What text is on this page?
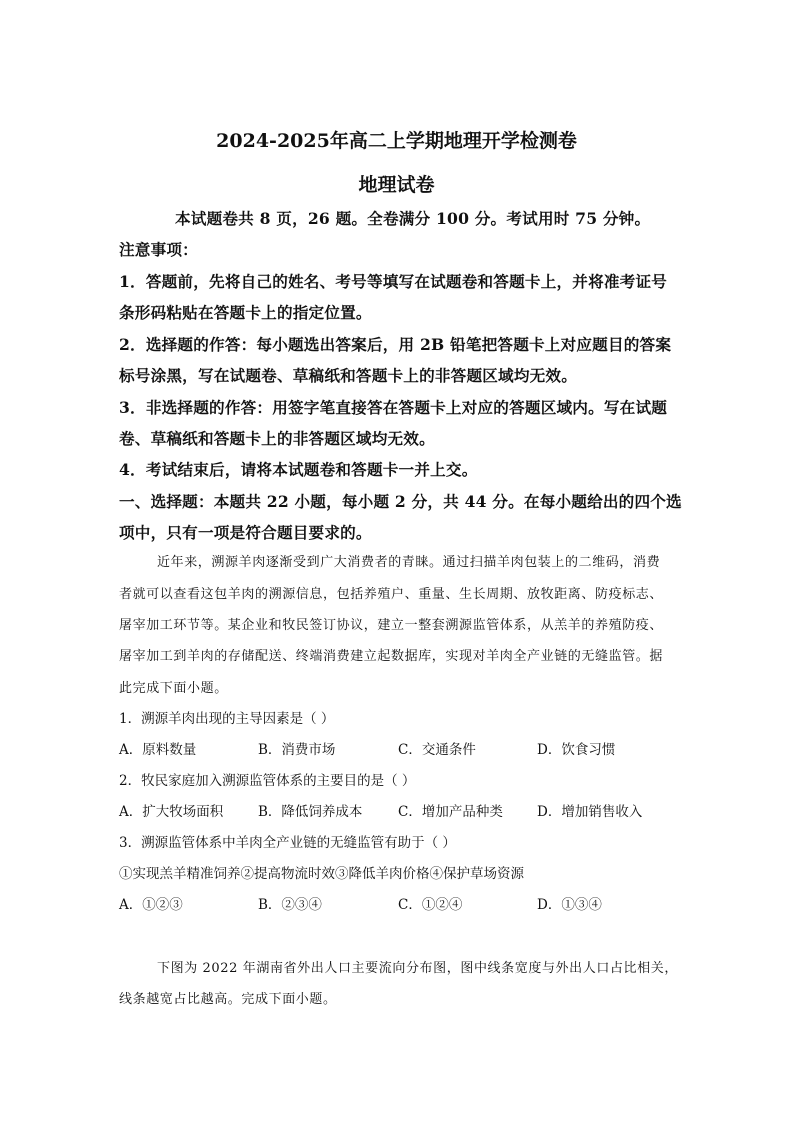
2024-2025年高二上学期地理开学检测卷
地理试卷
本试题卷共 8 页，26 题。全卷满分 100 分。考试用时 75 分钟。
注意事项：
1．答题前，先将自己的姓名、考号等填写在试题卷和答题卡上，并将准考证号
条形码粘贴在答题卡上的指定位置。
2．选择题的作答：每小题选出答案后，用 2B 铅笔把答题卡上对应题目的答案
标号涂黑，写在试题卷、草稿纸和答题卡上的非答题区域均无效。
3．非选择题的作答：用签字笔直接答在答题卡上对应的答题区域内。写在试题
卷、草稿纸和答题卡上的非答题区域均无效。
4．考试结束后，请将本试题卷和答题卡一并上交。
一、选择题：本题共 22 小题，每小题 2 分，共 44 分。在每小题给出的四个选
项中，只有一项是符合题目要求的。
近年来，溯源羊肉逐渐受到广大消费者的青睐。通过扫描羊肉包装上的二维码，消费
者就可以查看这包羊肉的溯源信息，包括养殖户、重量、生长周期、放牧距离、防疫标志、
屠宰加工环节等。某企业和牧民签订协议，建立一整套溯源监管体系，从羔羊的养殖防疫、
屠宰加工到羊肉的存储配送、终端消费建立起数据库，实现对羊肉全产业链的无缝监管。据
此完成下面小题。
1．溯源羊肉出现的主导因素是（ ）
A．原料数量	B．消费市场	C．交通条件	D．饮食习惯
2．牧民家庭加入溯源监管体系的主要目的是（ ）
A．扩大牧场面积	B．降低饲养成本	C．增加产品种类	D．增加销售收入
3．溯源监管体系中羊肉全产业链的无缝监管有助于（ ）
①实现羔羊精准饲养②提高物流时效③降低羊肉价格④保护草场资源
A．①②③	B．②③④	C．①②④	D．①③④
下图为 2022 年湖南省外出人口主要流向分布图，图中线条宽度与外出人口占比相关，
线条越宽占比越高。完成下面小题。
